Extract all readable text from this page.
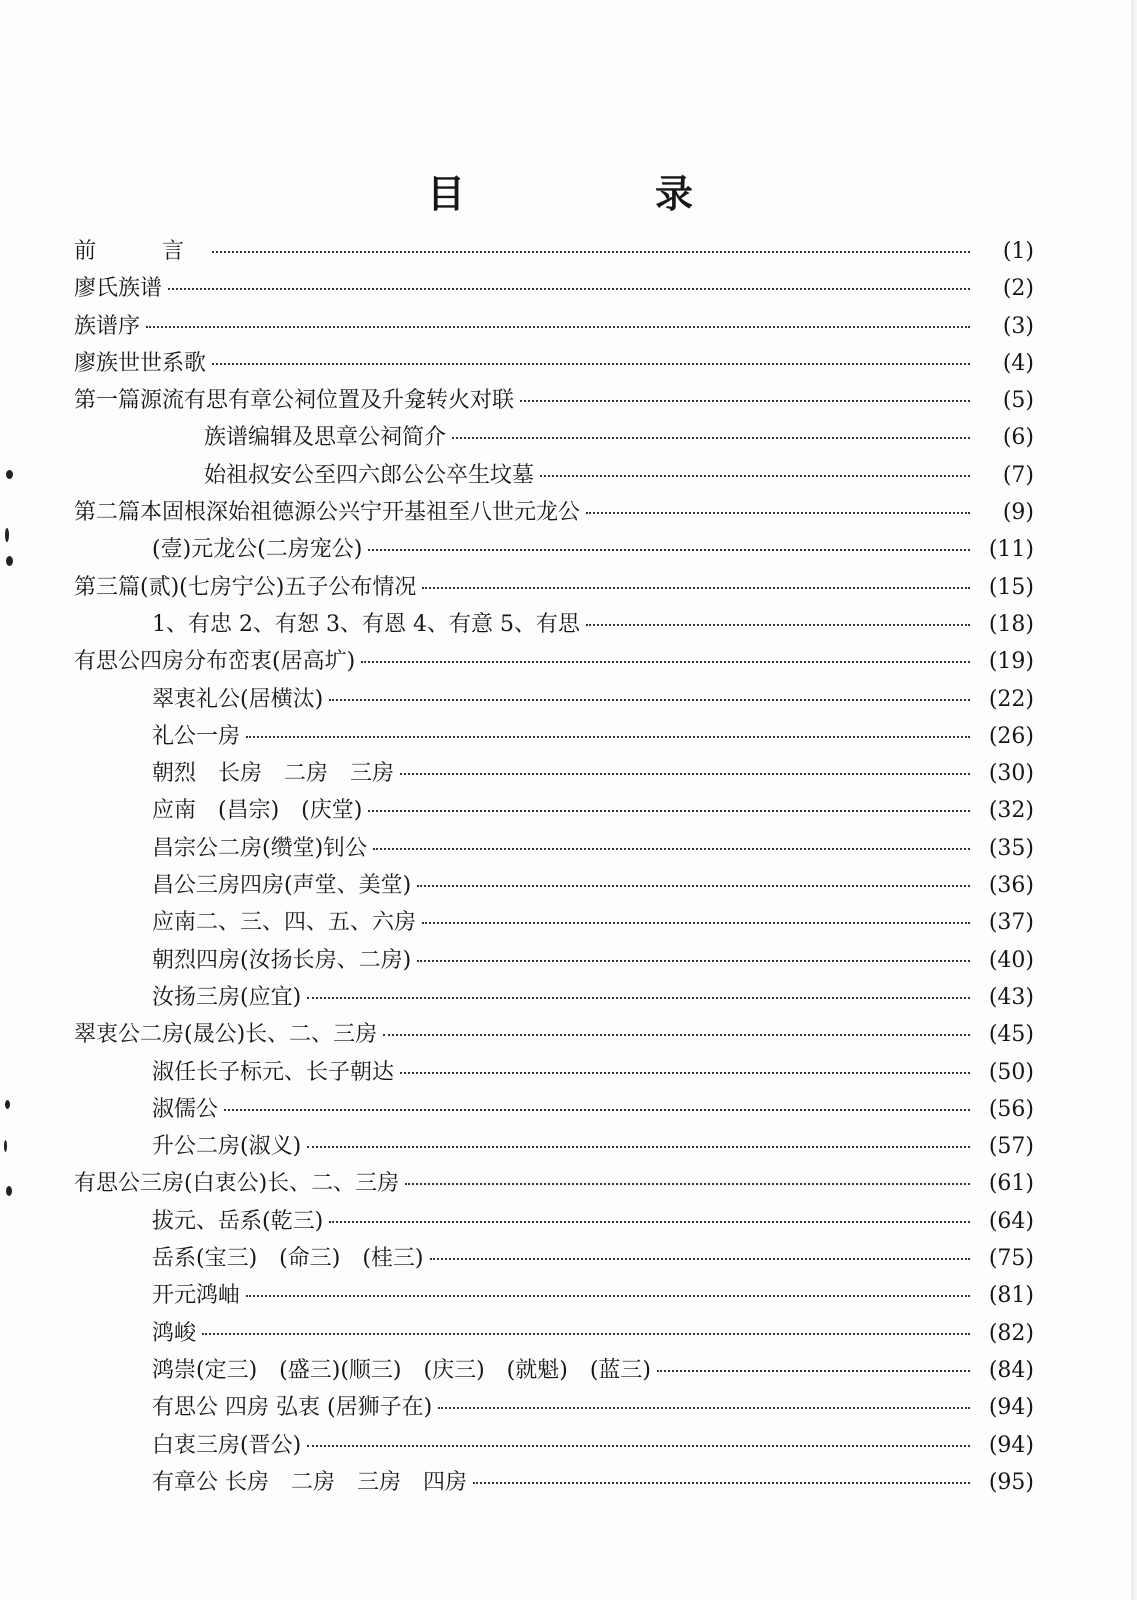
目　录
前　言	(1)
廖氏族谱	(2)
族谱序	(3)
廖族世世系歌	(4)
第一篇源流有思有章公祠位置及升龛转火对联	(5)
族谱编辑及思章公祠简介	(6)
始祖叔安公至四六郎公公卒生坟墓	(7)
第二篇本固根深始祖德源公兴宁开基祖至八世元龙公	(9)
(壹)元龙公(二房宠公)	(11)
第三篇(贰)(七房宁公)五子公布情况	(15)
1、有忠 2、有恕 3、有恩 4、有意 5、有思	(18)
有思公四房分布峦衷(居高圹)	(19)
翠衷礼公(居横汰)	(22)
礼公一房	(26)
朝烈　长房　二房　三房	(30)
应南　(昌宗)　(庆堂)	(32)
昌宗公二房(缵堂)钊公	(35)
昌公三房四房(声堂、美堂)	(36)
应南二、三、四、五、六房	(37)
朝烈四房(汝扬长房、二房)	(40)
汝扬三房(应宜)	(43)
翠衷公二房(晟公)长、二、三房	(45)
淑任长子标元、长子朝达	(50)
淑儒公	(56)
升公二房(淑义)	(57)
有思公三房(白衷公)长、二、三房	(61)
拔元、岳系(乾三)	(64)
岳系(宝三)　(命三)　(桂三)	(75)
开元鸿岫	(81)
鸿峻	(82)
鸿崇(定三)　(盛三)(顺三)　(庆三)　(就魁)　(蓝三)	(84)
有思公 四房 弘衷 (居狮子在)	(94)
白衷三房(晋公)	(94)
有章公 长房　二房　三房　四房	(95)
